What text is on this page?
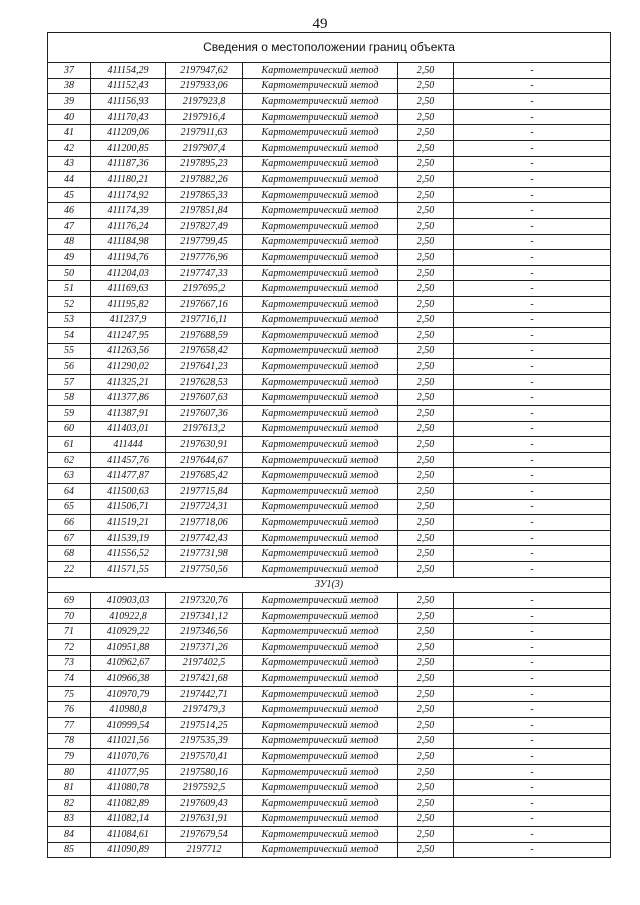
49
Сведения о местоположении границ объекта					
37	411154,29	2197947,62	Картометрический метод	2,50	-
38	411152,43	2197933,06	Картометрический метод	2,50	-
39	411156,93	2197923,8	Картометрический метод	2,50	-
40	411170,43	2197916,4	Картометрический метод	2,50	-
41	411209,06	2197911,63	Картометрический метод	2,50	-
42	411200,85	2197907,4	Картометрический метод	2,50	-
43	411187,36	2197895,23	Картометрический метод	2,50	-
44	411180,21	2197882,26	Картометрический метод	2,50	-
45	411174,92	2197865,33	Картометрический метод	2,50	-
46	411174,39	2197851,84	Картометрический метод	2,50	-
47	411176,24	2197827,49	Картометрический метод	2,50	-
48	411184,98	2197799,45	Картометрический метод	2,50	-
49	411194,76	2197776,96	Картометрический метод	2,50	-
50	411204,03	2197747,33	Картометрический метод	2,50	-
51	411169,63	2197695,2	Картометрический метод	2,50	-
52	411195,82	2197667,16	Картометрический метод	2,50	-
53	411237,9	2197716,11	Картометрический метод	2,50	-
54	411247,95	2197688,59	Картометрический метод	2,50	-
55	411263,56	2197658,42	Картометрический метод	2,50	-
56	411290,02	2197641,23	Картометрический метод	2,50	-
57	411325,21	2197628,53	Картометрический метод	2,50	-
58	411377,86	2197607,63	Картометрический метод	2,50	-
59	411387,91	2197607,36	Картометрический метод	2,50	-
60	411403,01	2197613,2	Картометрический метод	2,50	-
61	411444	2197630,91	Картометрический метод	2,50	-
62	411457,76	2197644,67	Картометрический метод	2,50	-
63	411477,87	2197685,42	Картометрический метод	2,50	-
64	411500,63	2197715,84	Картометрический метод	2,50	-
65	411506,71	2197724,31	Картометрический метод	2,50	-
66	411519,21	2197718,06	Картометрический метод	2,50	-
67	411539,19	2197742,43	Картометрический метод	2,50	-
68	411556,52	2197731,98	Картометрический метод	2,50	-
22	411571,55	2197750,56	Картометрический метод	2,50	-
ЗУ1(3)					
69	410903,03	2197320,76	Картометрический метод	2,50	-
70	410922,8	2197341,12	Картометрический метод	2,50	-
71	410929,22	2197346,56	Картометрический метод	2,50	-
72	410951,88	2197371,26	Картометрический метод	2,50	-
73	410962,67	2197402,5	Картометрический метод	2,50	-
74	410966,38	2197421,68	Картометрический метод	2,50	-
75	410970,79	2197442,71	Картометрический метод	2,50	-
76	410980,8	2197479,3	Картометрический метод	2,50	-
77	410999,54	2197514,25	Картометрический метод	2,50	-
78	411021,56	2197535,39	Картометрический метод	2,50	-
79	411070,76	2197570,41	Картометрический метод	2,50	-
80	411077,95	2197580,16	Картометрический метод	2,50	-
81	411080,78	2197592,5	Картометрический метод	2,50	-
82	411082,89	2197609,43	Картометрический метод	2,50	-
83	411082,14	2197631,91	Картометрический метод	2,50	-
84	411084,61	2197679,54	Картометрический метод	2,50	-
85	411090,89	2197712	Картометрический метод	2,50	-
